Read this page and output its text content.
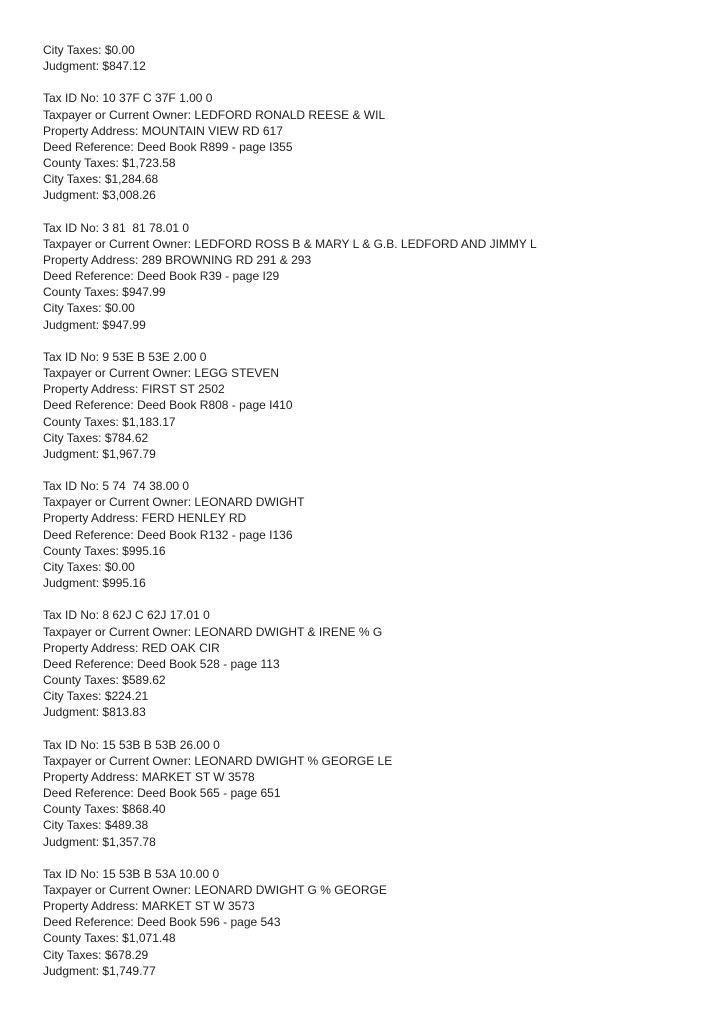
City Taxes: $0.00
Judgment: $847.12
Tax ID No: 10 37F C 37F 1.00 0
Taxpayer or Current Owner: LEDFORD RONALD REESE & WIL
Property Address: MOUNTAIN VIEW RD 617
Deed Reference: Deed Book R899 - page I355
County Taxes: $1,723.58
City Taxes: $1,284.68
Judgment: $3,008.26
Tax ID No: 3 81  81 78.01 0
Taxpayer or Current Owner: LEDFORD ROSS B & MARY L & G.B. LEDFORD AND JIMMY L
Property Address: 289 BROWNING RD 291 & 293
Deed Reference: Deed Book R39 - page I29
County Taxes: $947.99
City Taxes: $0.00
Judgment: $947.99
Tax ID No: 9 53E B 53E 2.00 0
Taxpayer or Current Owner: LEGG STEVEN
Property Address: FIRST ST 2502
Deed Reference: Deed Book R808 - page I410
County Taxes: $1,183.17
City Taxes: $784.62
Judgment: $1,967.79
Tax ID No: 5 74  74 38.00 0
Taxpayer or Current Owner: LEONARD DWIGHT
Property Address: FERD HENLEY RD
Deed Reference: Deed Book R132 - page I136
County Taxes: $995.16
City Taxes: $0.00
Judgment: $995.16
Tax ID No: 8 62J C 62J 17.01 0
Taxpayer or Current Owner: LEONARD DWIGHT & IRENE % G
Property Address: RED OAK CIR
Deed Reference: Deed Book 528 - page 113
County Taxes: $589.62
City Taxes: $224.21
Judgment: $813.83
Tax ID No: 15 53B B 53B 26.00 0
Taxpayer or Current Owner: LEONARD DWIGHT % GEORGE LE
Property Address: MARKET ST W 3578
Deed Reference: Deed Book 565 - page 651
County Taxes: $868.40
City Taxes: $489.38
Judgment: $1,357.78
Tax ID No: 15 53B B 53A 10.00 0
Taxpayer or Current Owner: LEONARD DWIGHT G % GEORGE
Property Address: MARKET ST W 3573
Deed Reference: Deed Book 596 - page 543
County Taxes: $1,071.48
City Taxes: $678.29
Judgment: $1,749.77
